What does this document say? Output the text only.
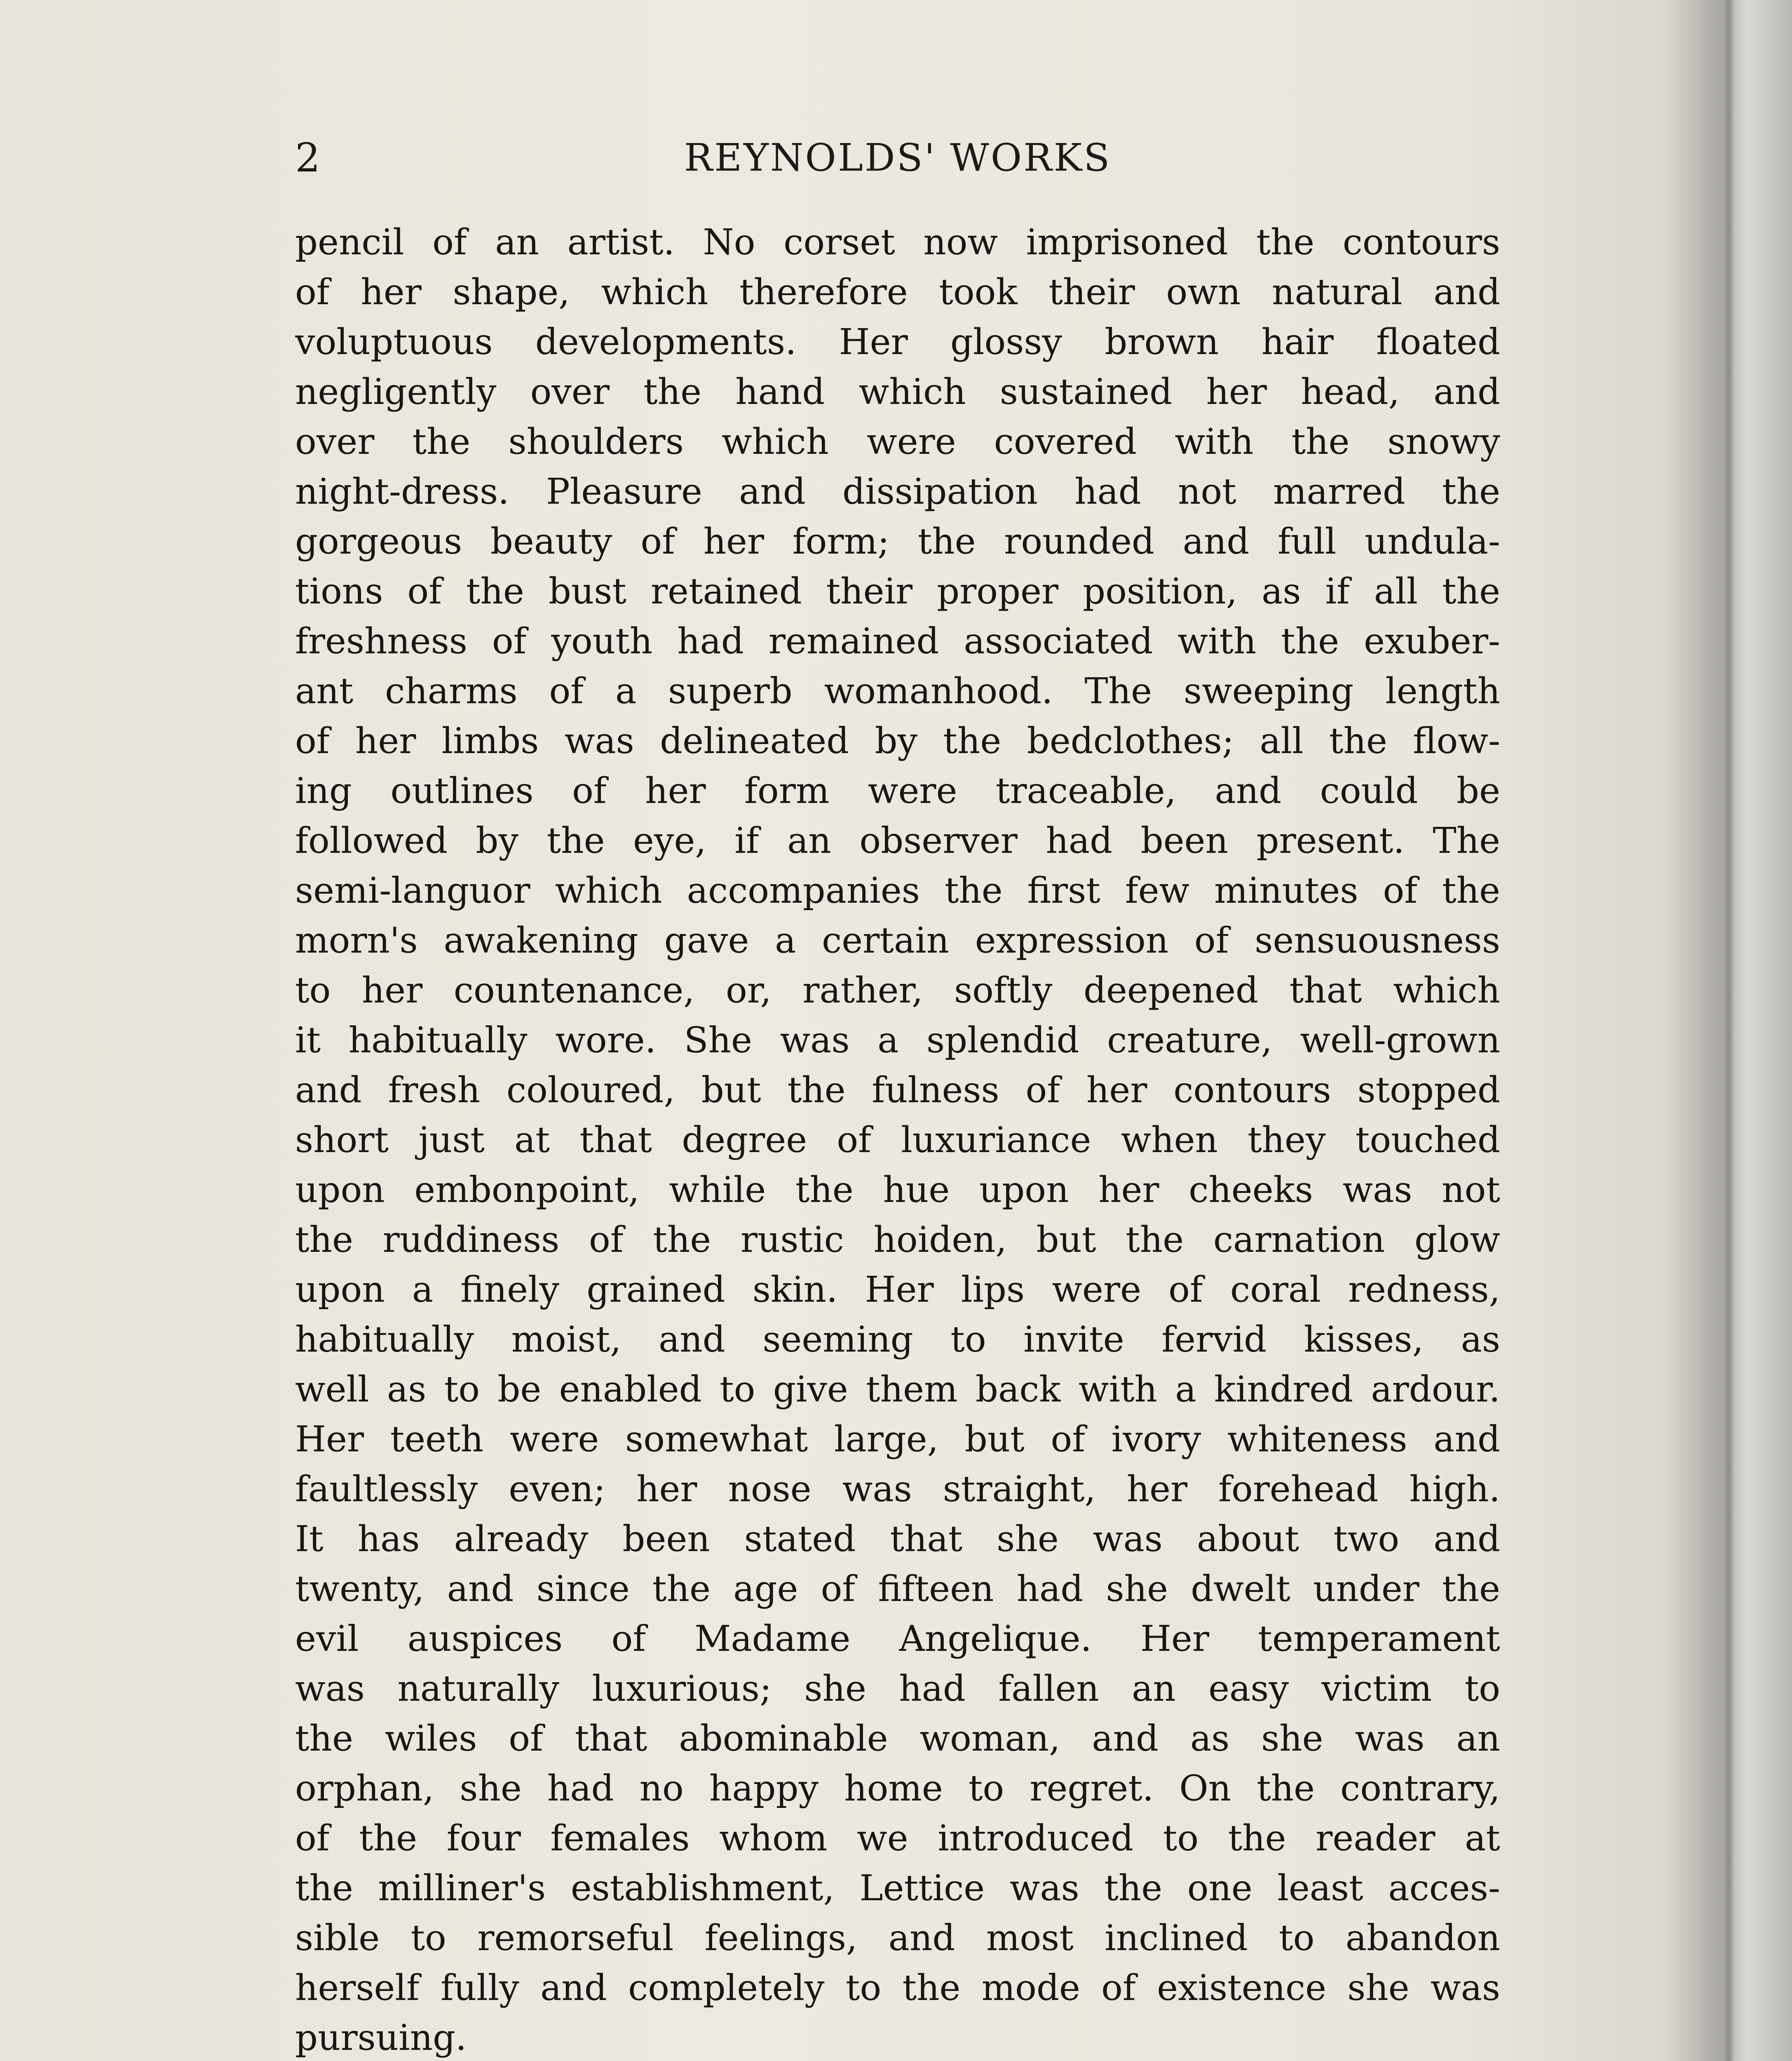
2	REYNOLDS' WORKS
pencil of an artist. No corset now imprisoned the contours
of her shape, which therefore took their own natural and
voluptuous developments. Her glossy brown hair floated
negligently over the hand which sustained her head, and
over the shoulders which were covered with the snowy
night-dress. Pleasure and dissipation had not marred the
gorgeous beauty of her form; the rounded and full undula-
tions of the bust retained their proper position, as if all the
freshness of youth had remained associated with the exuber-
ant charms of a superb womanhood. The sweeping length
of her limbs was delineated by the bedclothes; all the flow-
ing outlines of her form were traceable, and could be
followed by the eye, if an observer had been present. The
semi-languor which accompanies the first few minutes of the
morn's awakening gave a certain expression of sensuousness
to her countenance, or, rather, softly deepened that which
it habitually wore. She was a splendid creature, well-grown
and fresh coloured, but the fulness of her contours stopped
short just at that degree of luxuriance when they touched
upon embonpoint, while the hue upon her cheeks was not
the ruddiness of the rustic hoiden, but the carnation glow
upon a finely grained skin. Her lips were of coral redness,
habitually moist, and seeming to invite fervid kisses, as
well as to be enabled to give them back with a kindred ardour.
Her teeth were somewhat large, but of ivory whiteness and
faultlessly even; her nose was straight, her forehead high.
It has already been stated that she was about two and
twenty, and since the age of fifteen had she dwelt under the
evil auspices of Madame Angelique. Her temperament
was naturally luxurious; she had fallen an easy victim to
the wiles of that abominable woman, and as she was an
orphan, she had no happy home to regret. On the contrary,
of the four females whom we introduced to the reader at
the milliner's establishment, Lettice was the one least acces-
sible to remorseful feelings, and most inclined to abandon
herself fully and completely to the mode of existence she was
pursuing.
